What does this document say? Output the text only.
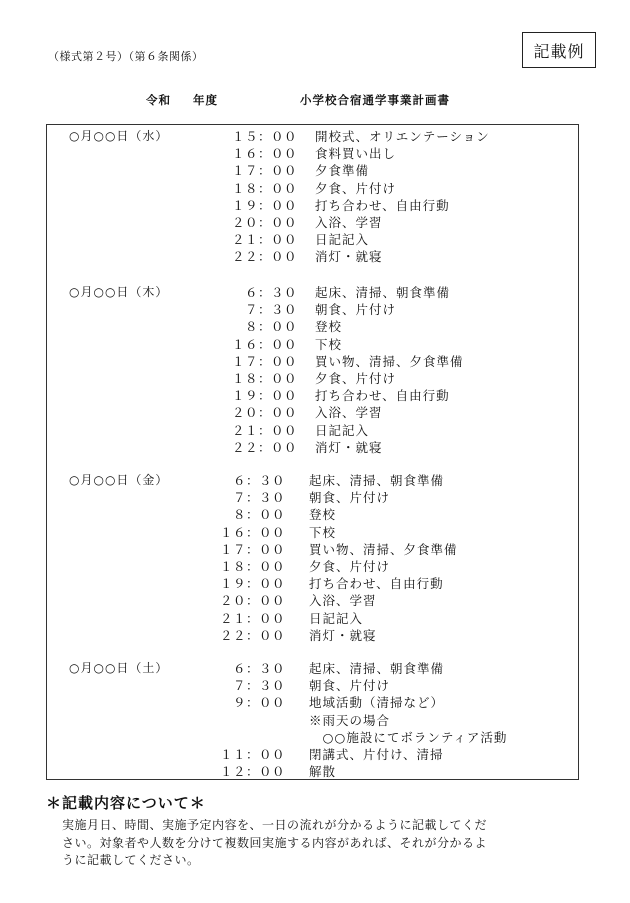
（様式第２号）（第６条関係）	記載例
令和 年度	小学校合宿通学事業計画書
○月○○日（水）	１５：００ 開校式、オリエンテーション
１６：００ 食料買い出し
１７：００ 夕食準備
１８：００ 夕食、片付け
１９：００ 打ち合わせ、自由行動
２０：００ 入浴、学習
２１：００ 日記記入
２２：００ 消灯・就寝
○月○○日（木）	６：３０ 起床、清掃、朝食準備
７：３０ 朝食、片付け
８：００ 登校
１６：００ 下校
１７：００ 買い物、清掃、夕食準備
１８：００ 夕食、片付け
１９：００ 打ち合わせ、自由行動
２０：００ 入浴、学習
２１：００ 日記記入
２２：００ 消灯・就寝
○月○○日（金）	６：３０ 起床、清掃、朝食準備
７：３０ 朝食、片付け
８：００ 登校
１６：００ 下校
１７：００ 買い物、清掃、夕食準備
１８：００ 夕食、片付け
１９：００ 打ち合わせ、自由行動
２０：００ 入浴、学習
２１：００ 日記記入
２２：００ 消灯・就寝
○月○○日（土）	６：３０ 起床、清掃、朝食準備
７：３０ 朝食、片付け
９：００ 地域活動（清掃など）
※雨天の場合
　○○施設にてボランティア活動
１１：００ 閉講式、片付け、清掃
１２：００ 解散
＊記載内容について＊
実施月日、時間、実施予定内容を、一日の流れが分かるように記載してくだ
さい。対象者や人数を分けて複数回実施する内容があれば、それが分かるよ
うに記載してください。
